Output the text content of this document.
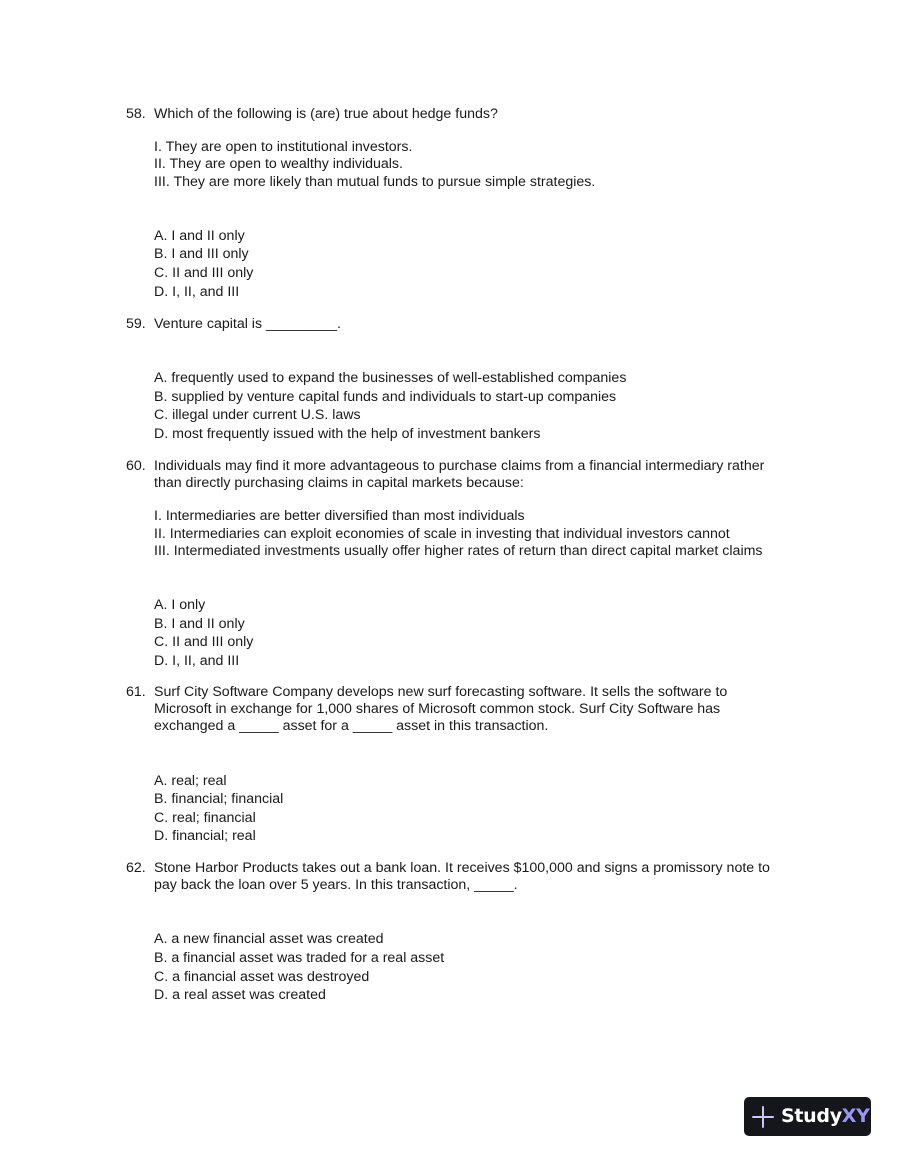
58. Which of the following is (are) true about hedge funds?
I. They are open to institutional investors.
II. They are open to wealthy individuals.
III. They are more likely than mutual funds to pursue simple strategies.
A. I and II only
B. I and III only
C. II and III only
D. I, II, and III
59. Venture capital is _________.
A. frequently used to expand the businesses of well-established companies
B. supplied by venture capital funds and individuals to start-up companies
C. illegal under current U.S. laws
D. most frequently issued with the help of investment bankers
60. Individuals may find it more advantageous to purchase claims from a financial intermediary rather
than directly purchasing claims in capital markets because:
I. Intermediaries are better diversified than most individuals
II. Intermediaries can exploit economies of scale in investing that individual investors cannot
III. Intermediated investments usually offer higher rates of return than direct capital market claims
A. I only
B. I and II only
C. II and III only
D. I, II, and III
61. Surf City Software Company develops new surf forecasting software. It sells the software to
Microsoft in exchange for 1,000 shares of Microsoft common stock. Surf City Software has
exchanged a _____ asset for a _____ asset in this transaction.
A. real; real
B. financial; financial
C. real; financial
D. financial; real
62. Stone Harbor Products takes out a bank loan. It receives $100,000 and signs a promissory note to
pay back the loan over 5 years. In this transaction, _____.
A. a new financial asset was created
B. a financial asset was traded for a real asset
C. a financial asset was destroyed
D. a real asset was created
StudyXY
